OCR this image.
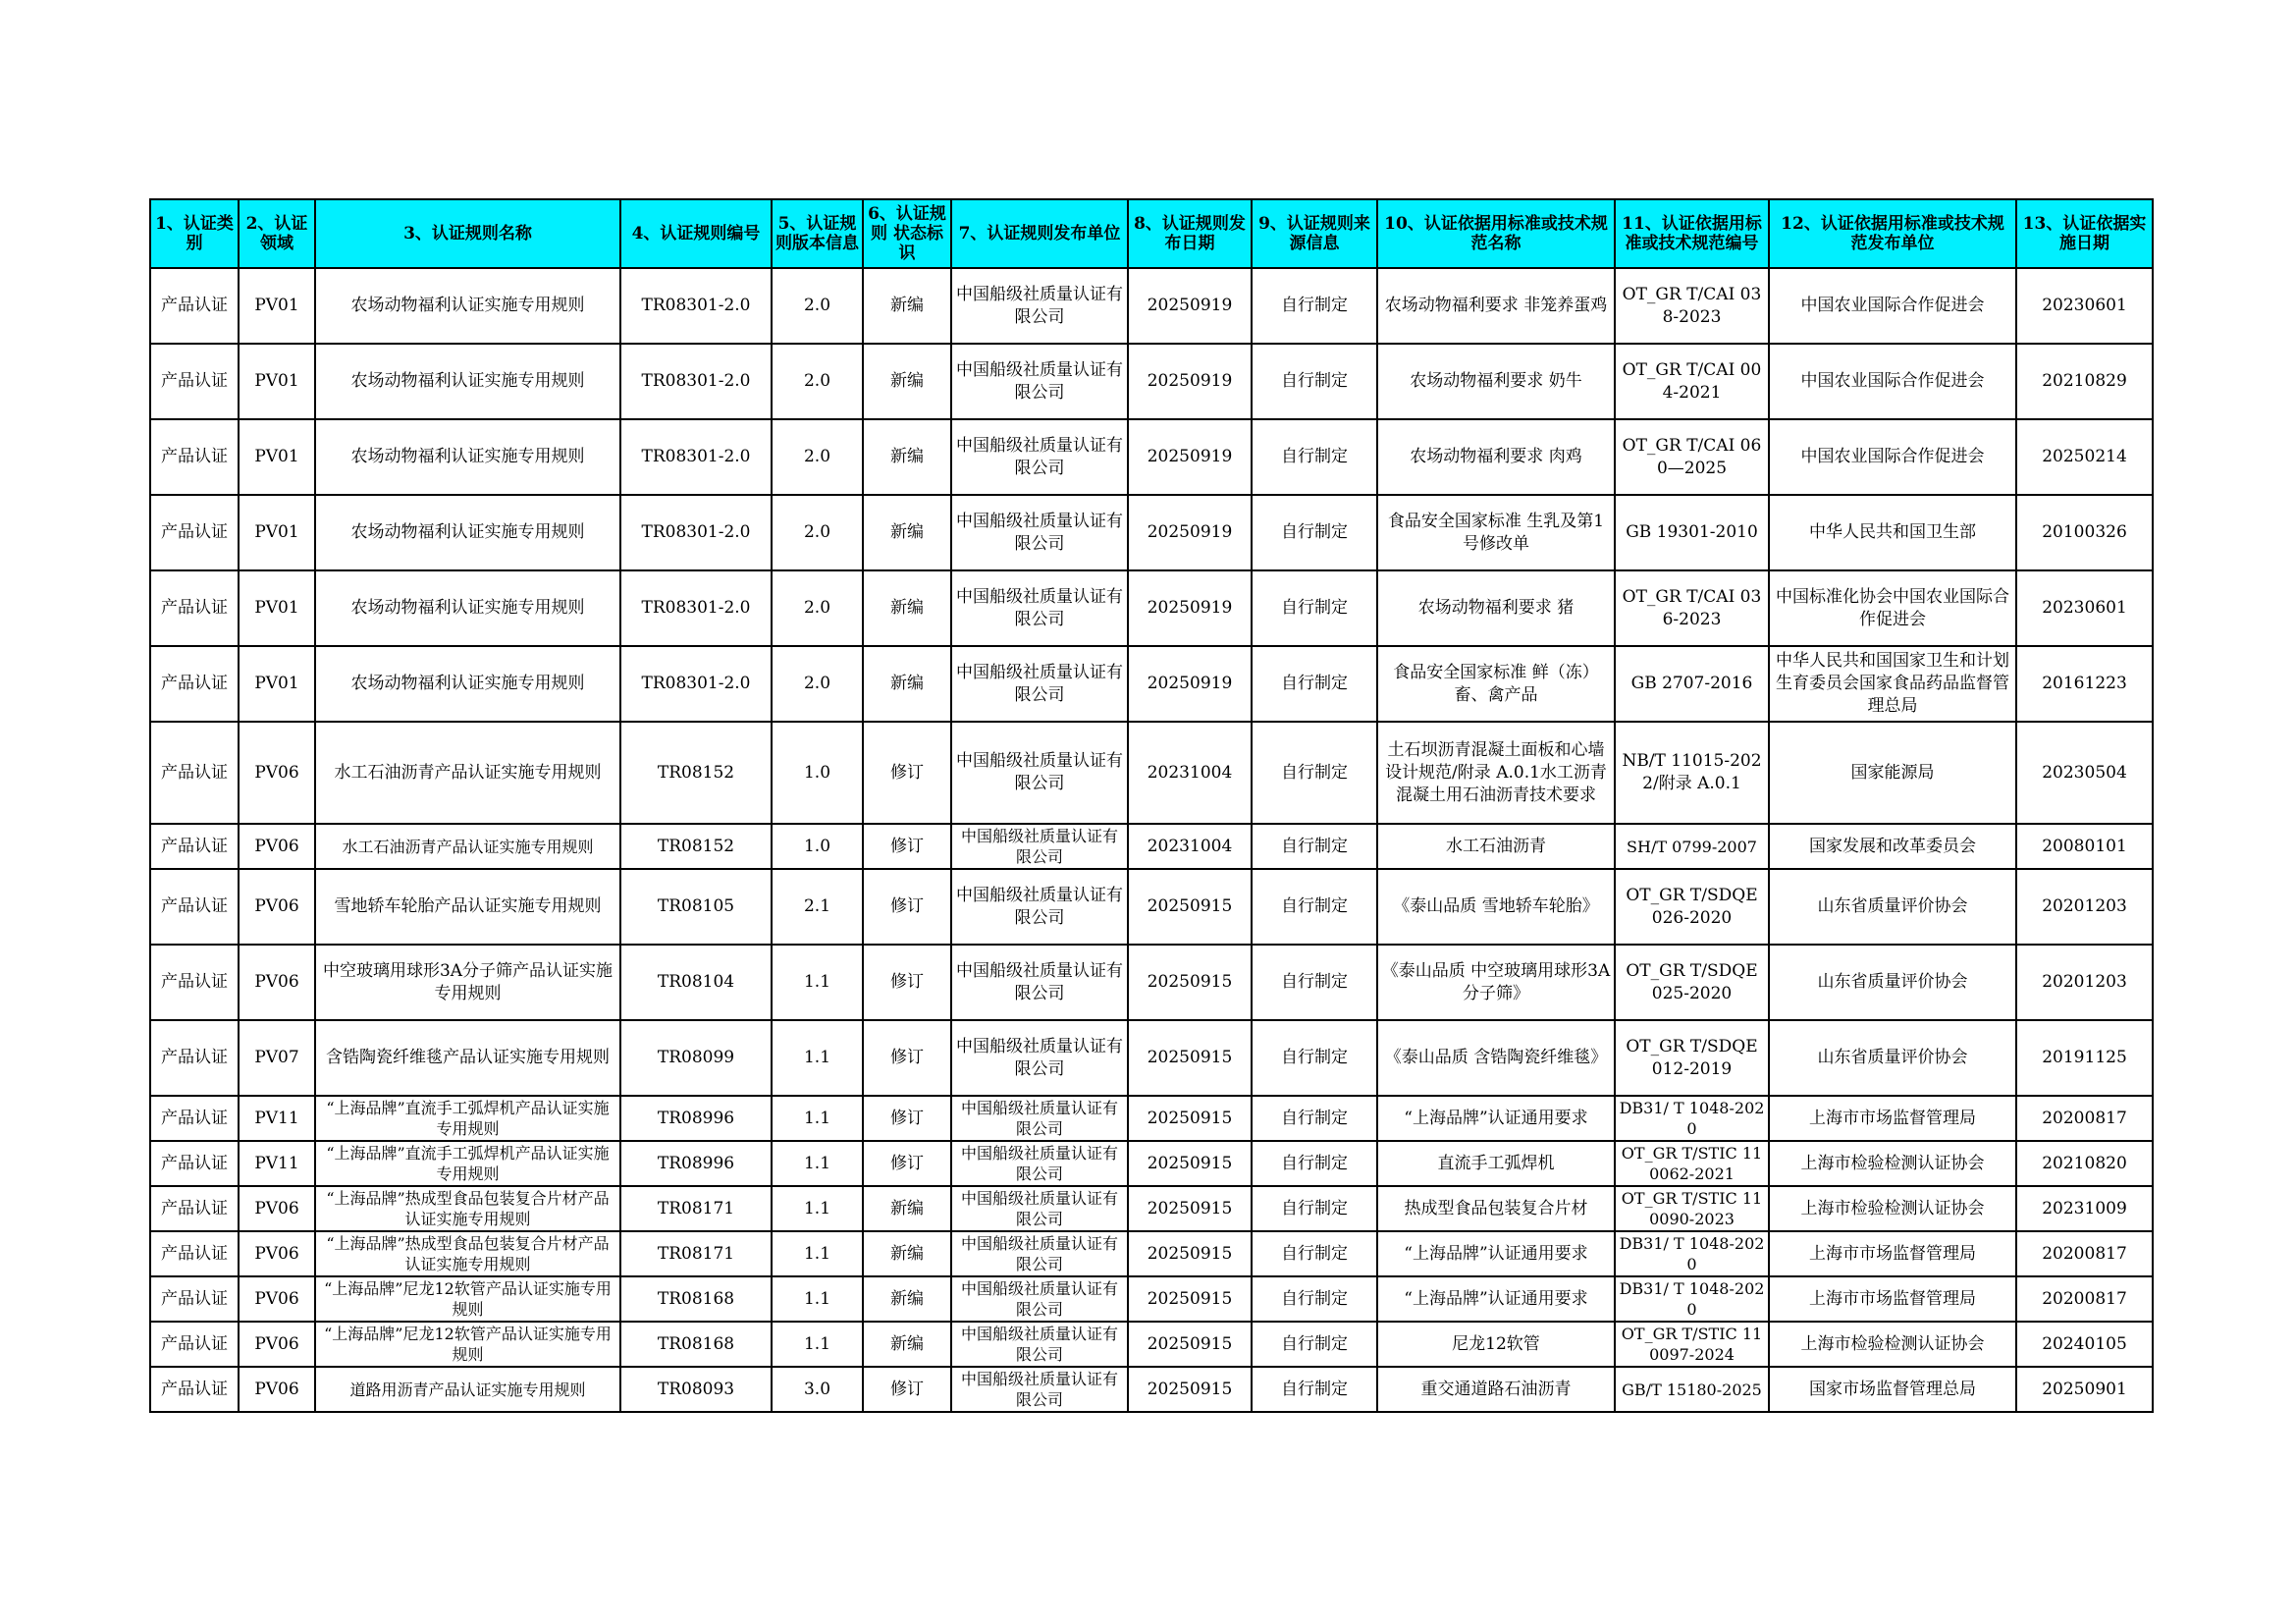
1、认证类别	2、认证领域	3、认证规则名称	4、认证规则编号	5、认证规则版本信息	6、认证规则 状态标识	7、认证规则发布单位	8、认证规则发布日期	9、认证规则来源信息	10、认证依据用标准或技术规范名称	11、认证依据用标准或技术规范编号	12、认证依据用标准或技术规范发布单位	13、认证依据实施日期
产品认证	PV01	农场动物福利认证实施专用规则	TR08301-2.0	2.0	新编	中国船级社质量认证有限公司	20250919	自行制定	农场动物福利要求 非笼养蛋鸡	OT_GR T/CAI 038-2023	中国农业国际合作促进会	20230601
产品认证	PV01	农场动物福利认证实施专用规则	TR08301-2.0	2.0	新编	中国船级社质量认证有限公司	20250919	自行制定	农场动物福利要求 奶牛	OT_GR T/CAI 004-2021	中国农业国际合作促进会	20210829
产品认证	PV01	农场动物福利认证实施专用规则	TR08301-2.0	2.0	新编	中国船级社质量认证有限公司	20250919	自行制定	农场动物福利要求 肉鸡	OT_GR T/CAI 060—2025	中国农业国际合作促进会	20250214
产品认证	PV01	农场动物福利认证实施专用规则	TR08301-2.0	2.0	新编	中国船级社质量认证有限公司	20250919	自行制定	食品安全国家标准 生乳及第1号修改单	GB 19301-2010	中华人民共和国卫生部	20100326
产品认证	PV01	农场动物福利认证实施专用规则	TR08301-2.0	2.0	新编	中国船级社质量认证有限公司	20250919	自行制定	农场动物福利要求 猪	OT_GR T/CAI 036-2023	中国标准化协会中国农业国际合作促进会	20230601
产品认证	PV01	农场动物福利认证实施专用规则	TR08301-2.0	2.0	新编	中国船级社质量认证有限公司	20250919	自行制定	食品安全国家标准 鲜（冻）畜、禽产品	GB 2707-2016	中华人民共和国国家卫生和计划生育委员会国家食品药品监督管理总局	20161223
产品认证	PV06	水工石油沥青产品认证实施专用规则	TR08152	1.0	修订	中国船级社质量认证有限公司	20231004	自行制定	土石坝沥青混凝土面板和心墙设计规范/附录 A.0.1水工沥青混凝土用石油沥青技术要求	NB/T 11015-2022/附录 A.0.1	国家能源局	20230504
产品认证	PV06	水工石油沥青产品认证实施专用规则	TR08152	1.0	修订	中国船级社质量认证有限公司	20231004	自行制定	水工石油沥青	SH/T 0799-2007	国家发展和改革委员会	20080101
产品认证	PV06	雪地轿车轮胎产品认证实施专用规则	TR08105	2.1	修订	中国船级社质量认证有限公司	20250915	自行制定	《泰山品质 雪地轿车轮胎》	OT_GR T/SDQE 026-2020	山东省质量评价协会	20201203
产品认证	PV06	中空玻璃用球形3A分子筛产品认证实施专用规则	TR08104	1.1	修订	中国船级社质量认证有限公司	20250915	自行制定	《泰山品质 中空玻璃用球形3A分子筛》	OT_GR T/SDQE 025-2020	山东省质量评价协会	20201203
产品认证	PV07	含锆陶瓷纤维毯产品认证实施专用规则	TR08099	1.1	修订	中国船级社质量认证有限公司	20250915	自行制定	《泰山品质 含锆陶瓷纤维毯》	OT_GR T/SDQE 012-2019	山东省质量评价协会	20191125
产品认证	PV11	“上海品牌”直流手工弧焊机产品认证实施专用规则	TR08996	1.1	修订	中国船级社质量认证有限公司	20250915	自行制定	“上海品牌”认证通用要求	DB31/ T 1048-2020	上海市市场监督管理局	20200817
产品认证	PV11	“上海品牌”直流手工弧焊机产品认证实施专用规则	TR08996	1.1	修订	中国船级社质量认证有限公司	20250915	自行制定	直流手工弧焊机	OT_GR T/STIC 110062-2021	上海市检验检测认证协会	20210820
产品认证	PV06	“上海品牌”热成型食品包装复合片材产品认证实施专用规则	TR08171	1.1	新编	中国船级社质量认证有限公司	20250915	自行制定	热成型食品包装复合片材	OT_GR T/STIC 110090-2023	上海市检验检测认证协会	20231009
产品认证	PV06	“上海品牌”热成型食品包装复合片材产品认证实施专用规则	TR08171	1.1	新编	中国船级社质量认证有限公司	20250915	自行制定	“上海品牌”认证通用要求	DB31/ T 1048-2020	上海市市场监督管理局	20200817
产品认证	PV06	“上海品牌”尼龙12软管产品认证实施专用规则	TR08168	1.1	新编	中国船级社质量认证有限公司	20250915	自行制定	“上海品牌”认证通用要求	DB31/ T 1048-2020	上海市市场监督管理局	20200817
产品认证	PV06	“上海品牌”尼龙12软管产品认证实施专用规则	TR08168	1.1	新编	中国船级社质量认证有限公司	20250915	自行制定	尼龙12软管	OT_GR T/STIC 110097-2024	上海市检验检测认证协会	20240105
产品认证	PV06	道路用沥青产品认证实施专用规则	TR08093	3.0	修订	中国船级社质量认证有限公司	20250915	自行制定	重交通道路石油沥青	GB/T 15180-2025	国家市场监督管理总局	20250901
